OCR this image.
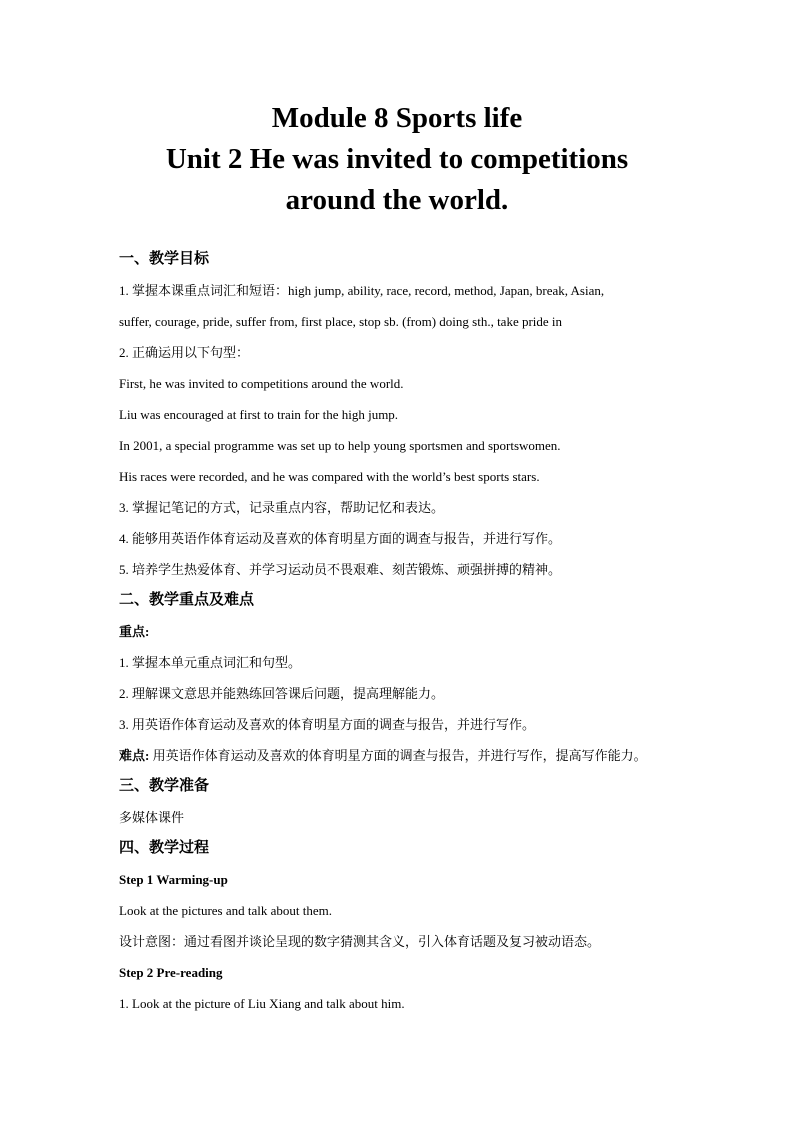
Module 8 Sports life
Unit 2 He was invited to competitions
around the world.
一、教学目标
1. 掌握本课重点词汇和短语：high jump, ability, race, record, method, Japan, break, Asian,
suffer, courage, pride, suffer from, first place, stop sb. (from) doing sth., take pride in
2. 正确运用以下句型：
First, he was invited to competitions around the world.
Liu was encouraged at first to train for the high jump.
In 2001, a special programme was set up to help young sportsmen and sportswomen.
His races were recorded, and he was compared with the world’s best sports stars.
3. 掌握记笔记的方式，记录重点内容，帮助记忆和表达。
4. 能够用英语作体育运动及喜欢的体育明星方面的调查与报告，并进行写作。
5. 培养学生热爱体育、并学习运动员不畏艰难、刻苦锻炼、顽强拼搏的精神。
二、教学重点及难点
重点:
1. 掌握本单元重点词汇和句型。
2. 理解课文意思并能熟练回答课后问题，提高理解能力。
3. 用英语作体育运动及喜欢的体育明星方面的调查与报告，并进行写作。
难点: 用英语作体育运动及喜欢的体育明星方面的调查与报告，并进行写作，提高写作能力。
三、教学准备
多媒体课件
四、教学过程
Step 1 Warming-up
Look at the pictures and talk about them.
设计意图：通过看图并谈论呈现的数字猜测其含义，引入体育话题及复习被动语态。
Step 2 Pre-reading
1. Look at the picture of Liu Xiang and talk about him.
